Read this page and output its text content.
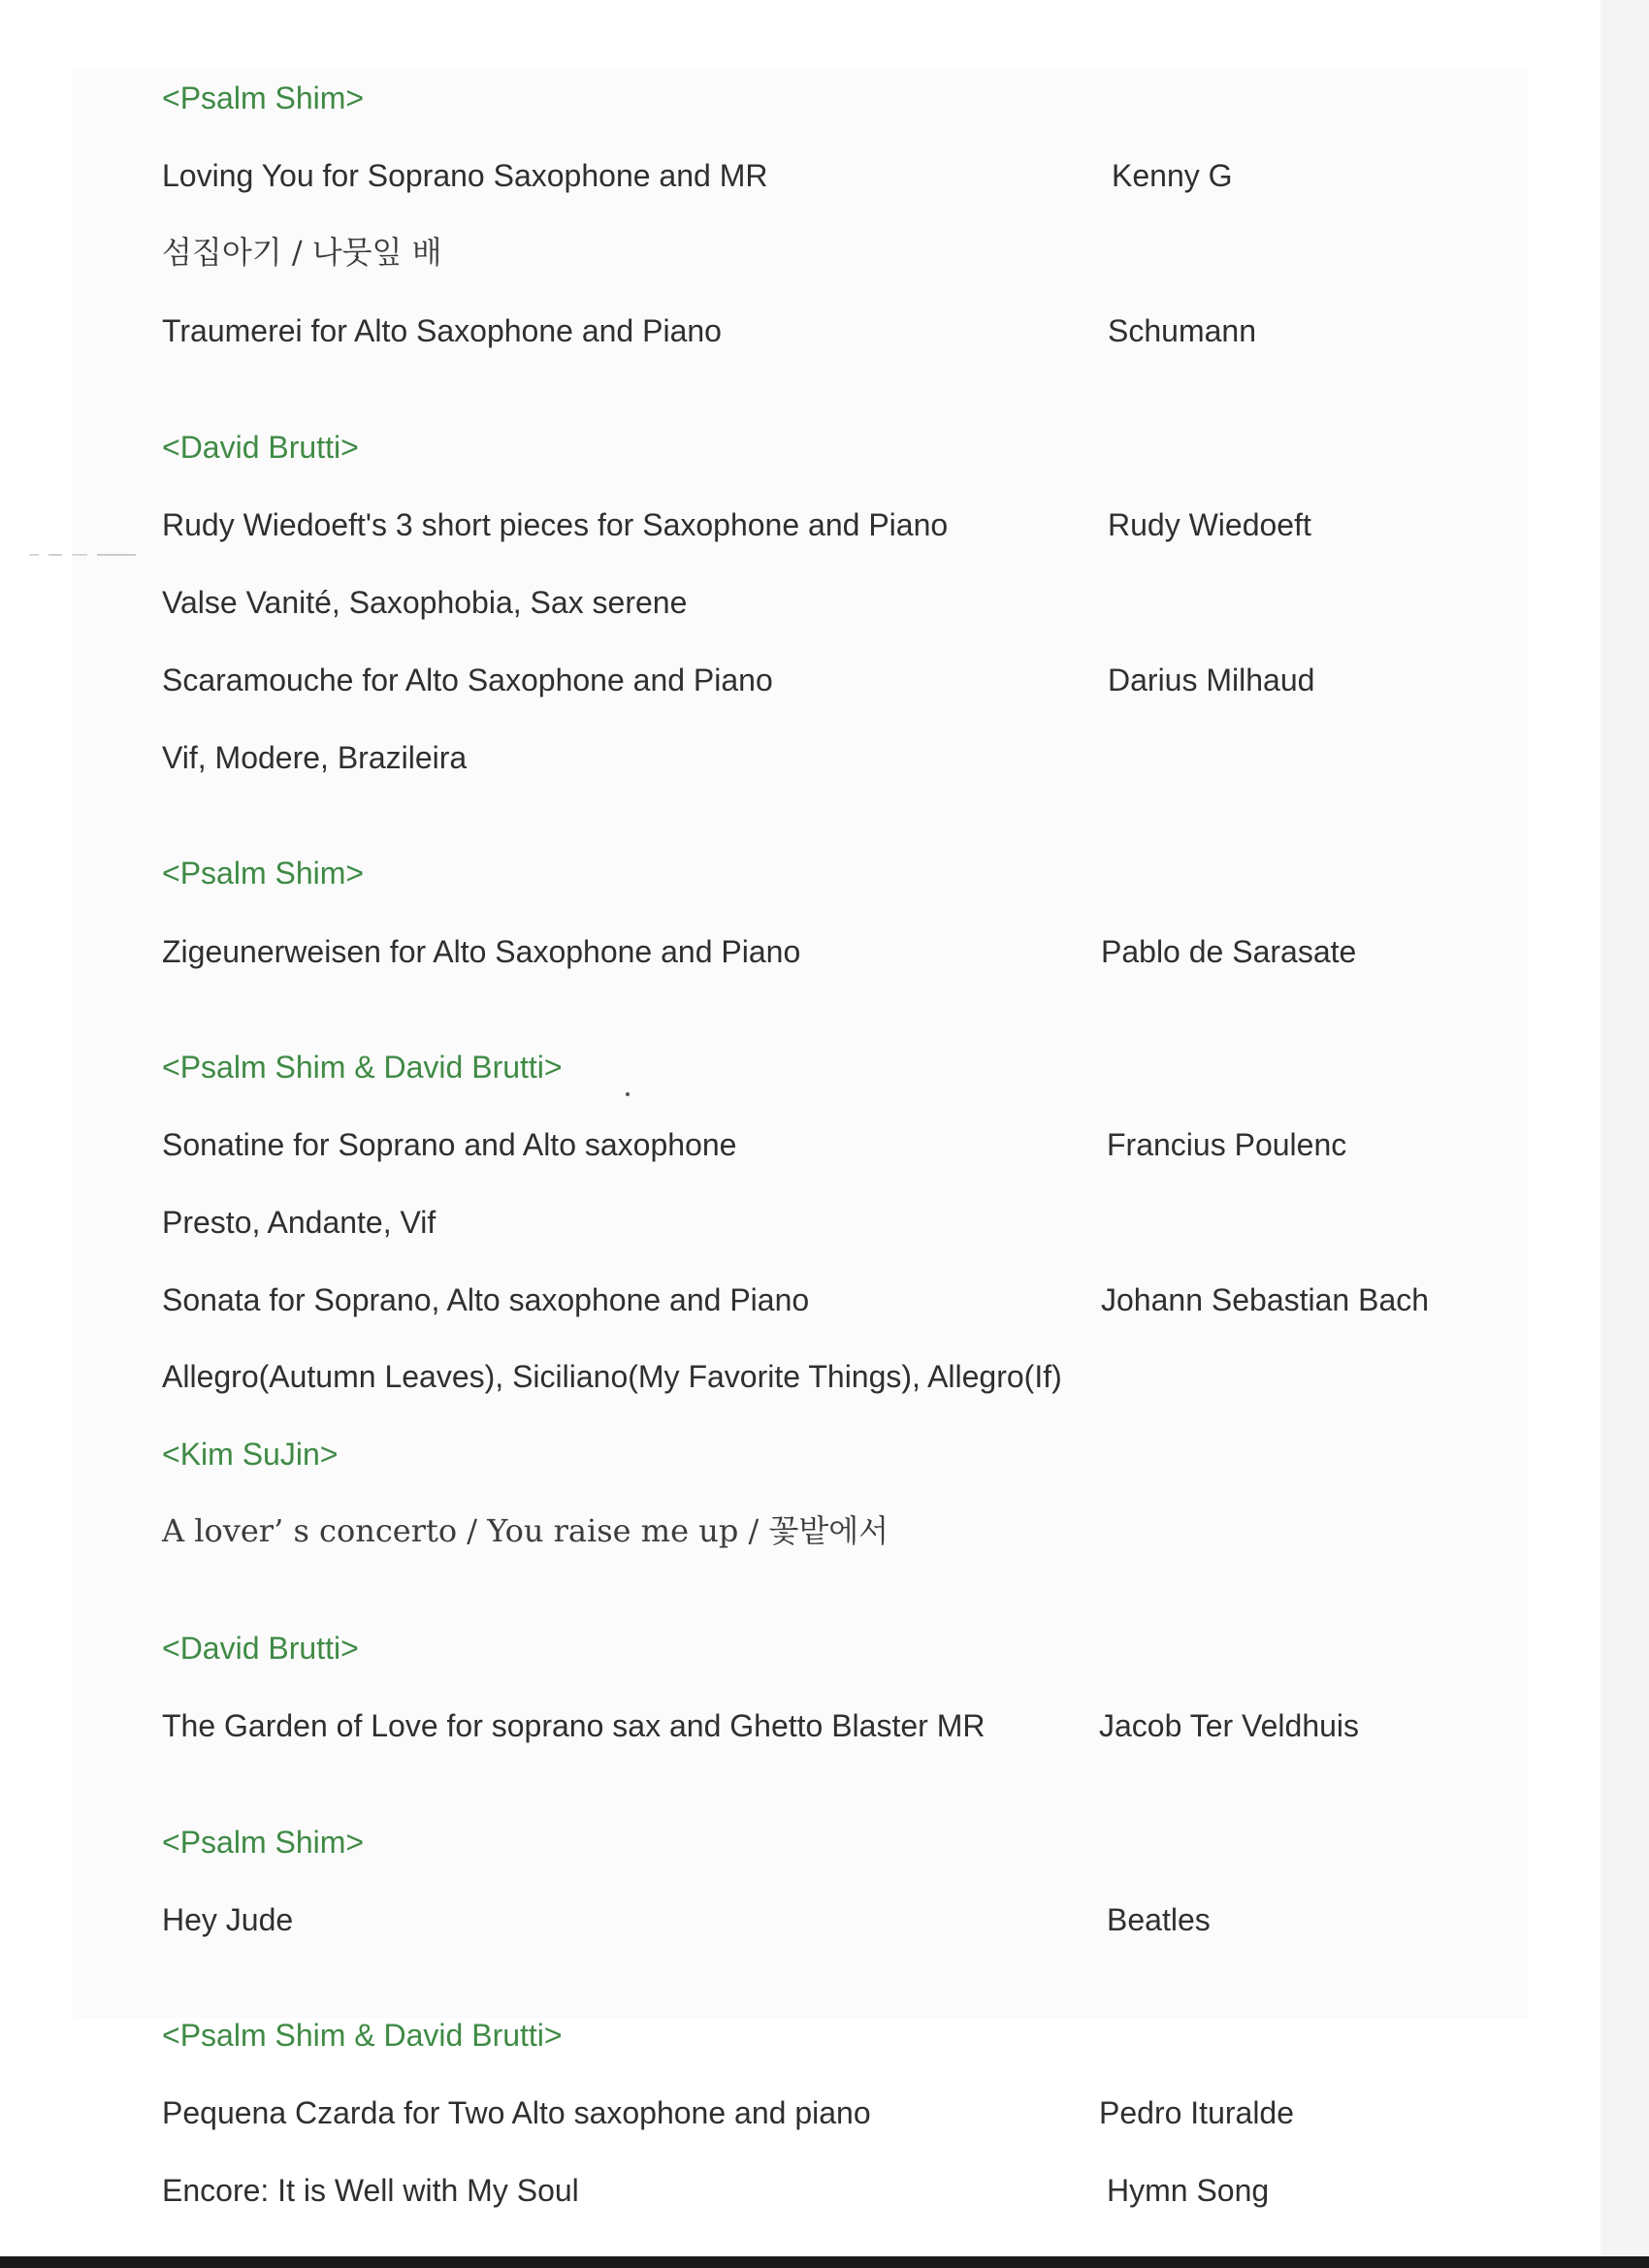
<Psalm Shim>
Loving You for Soprano Saxophone and MR	Kenny G
섬집아기 / 나뭇잎 배
Traumerei for Alto Saxophone and Piano	Schumann
<David Brutti>
Rudy Wiedoeft's 3 short pieces for Saxophone and Piano	Rudy Wiedoeft
Valse Vanité, Saxophobia, Sax serene
Scaramouche for Alto Saxophone and Piano	Darius Milhaud
Vif, Modere, Brazileira
<Psalm Shim>
Zigeunerweisen for Alto Saxophone and Piano	Pablo de Sarasate
<Psalm Shim & David Brutti>
Sonatine for Soprano and Alto saxophone	Francius Poulenc
Presto, Andante, Vif
Sonata for Soprano, Alto saxophone and Piano	Johann Sebastian Bach
Allegro(Autumn Leaves), Siciliano(My Favorite Things), Allegro(If)
<Kim SuJin>
A lover’ s concerto / You raise me up / 꽃밭에서
<David Brutti>
The Garden of Love for soprano sax and Ghetto Blaster MR	Jacob Ter Veldhuis
<Psalm Shim>
Hey Jude	Beatles
<Psalm Shim & David Brutti>
Pequena Czarda for Two Alto saxophone and piano	Pedro Ituralde
Encore: It is Well with My Soul	Hymn Song
